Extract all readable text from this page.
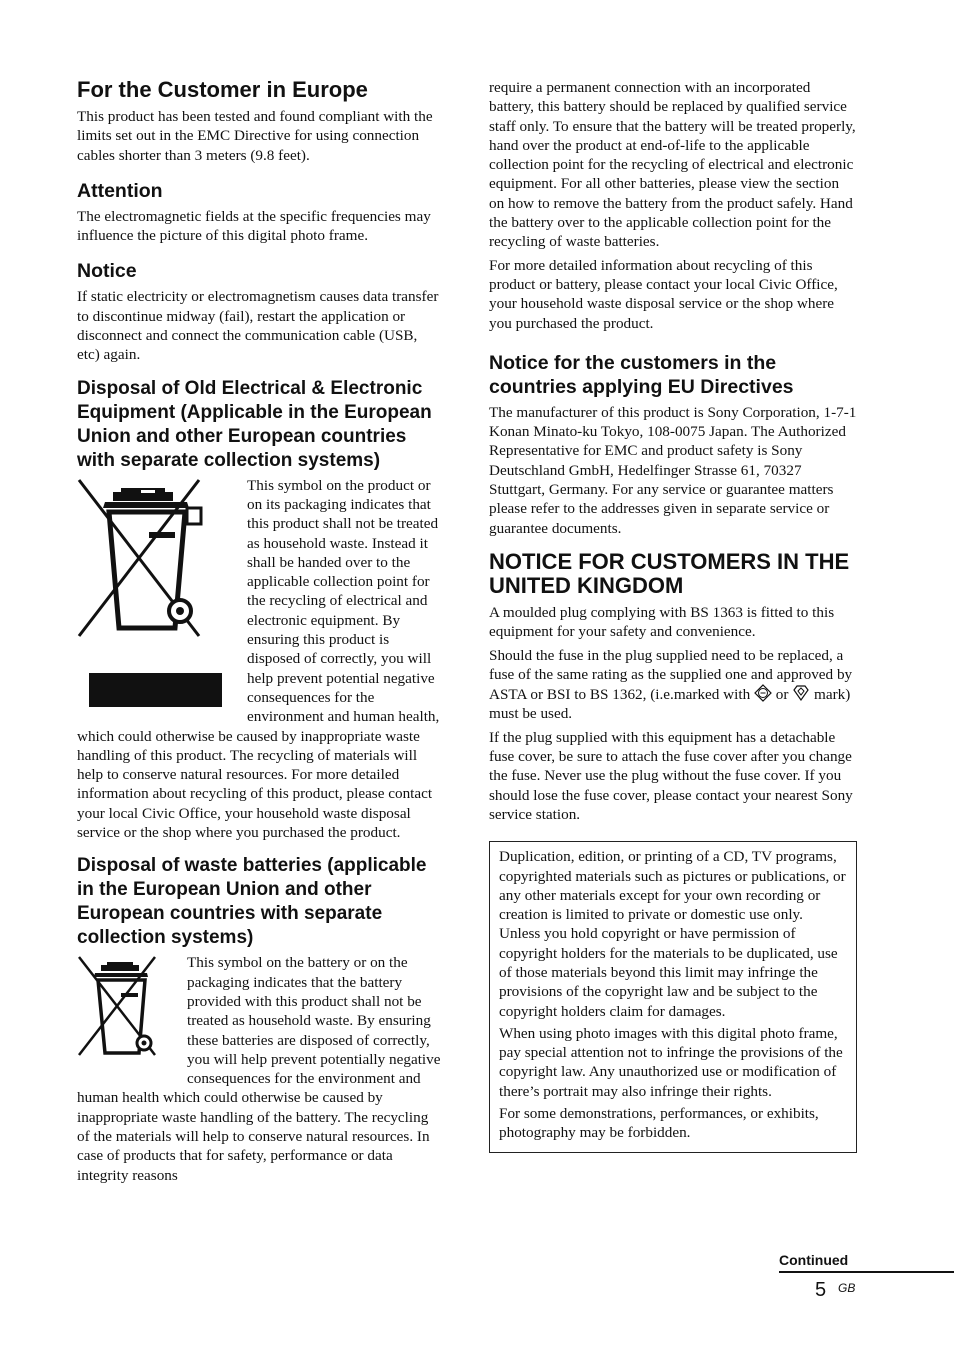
For the Customer in Europe

This product has been tested and found compliant with the limits set out in the EMC Directive for using connection cables shorter than 3 meters (9.8 feet).

Attention

The electromagnetic fields at the specific frequencies may influence the picture of this digital photo frame.

Notice

If static electricity or electromagnetism causes data transfer to discontinue midway (fail), restart the application or disconnect and connect the communication cable (USB, etc) again.

Disposal of Old Electrical & Electronic Equipment (Applicable in the European Union and other European countries with separate collection systems)

This symbol on the product or on its packaging indicates that this product shall not be treated as household waste. Instead it shall be handed over to the applicable collection point for the recycling of electrical and electronic equipment. By ensuring this product is disposed of correctly, you will help prevent potential negative consequences for the environment and human health, which could otherwise be caused by inappropriate waste handling of this product. The recycling of materials will help to conserve natural resources. For more detailed information about recycling of this product, please contact your local Civic Office, your household waste disposal service or the shop where you purchased the product.

Disposal of waste batteries (applicable in the European Union and other European countries with separate collection systems)

This symbol on the battery or on the packaging indicates that the battery provided with this product shall not be treated as household waste. By ensuring these batteries are disposed of correctly, you will help prevent potentially negative consequences for the environment and human health which could otherwise be caused by inappropriate waste handling of the battery. The recycling of the materials will help to conserve natural resources. In case of products that for safety, performance or data integrity reasons

require a permanent connection with an incorporated battery, this battery should be replaced by qualified service staff only. To ensure that the battery will be treated properly, hand over the product at end-of-life to the applicable collection point for the recycling of electrical and electronic equipment. For all other batteries, please view the section on how to remove the battery from the product safely. Hand the battery over to the applicable collection point for the recycling of waste batteries.

For more detailed information about recycling of this product or battery, please contact your local Civic Office, your household waste disposal service or the shop where you purchased the product.

Notice for the customers in the countries applying EU Directives

The manufacturer of this product is Sony Corporation, 1-7-1 Konan Minato-ku Tokyo, 108-0075 Japan. The Authorized Representative for EMC and product safety is Sony Deutschland GmbH, Hedelfinger Strasse 61, 70327 Stuttgart, Germany. For any service or guarantee matters please refer to the addresses given in separate service or guarantee documents.

NOTICE FOR CUSTOMERS IN THE UNITED KINGDOM

A moulded plug complying with BS 1363 is fitted to this equipment for your safety and convenience.

Should the fuse in the plug supplied need to be replaced, a fuse of the same rating as the supplied one and approved by ASTA or BSI to BS 1362, (i.e.marked with or mark) must be used.

If the plug supplied with this equipment has a detachable fuse cover, be sure to attach the fuse cover after you change the fuse. Never use the plug without the fuse cover. If you should lose the fuse cover, please contact your nearest Sony service station.

Duplication, edition, or printing of a CD, TV programs, copyrighted materials such as pictures or publications, or any other materials except for your own recording or creation is limited to private or domestic use only. Unless you hold copyright or have permission of copyright holders for the materials to be duplicated, use of those materials beyond this limit may infringe the provisions of the copyright law and be subject to the copyright holders claim for damages.

When using photo images with this digital photo frame, pay special attention not to infringe the provisions of the copyright law. Any unauthorized use or modification of there’s portrait may also infringe their rights.

For some demonstrations, performances, or exhibits, photography may be forbidden.

Continued
5 GB
